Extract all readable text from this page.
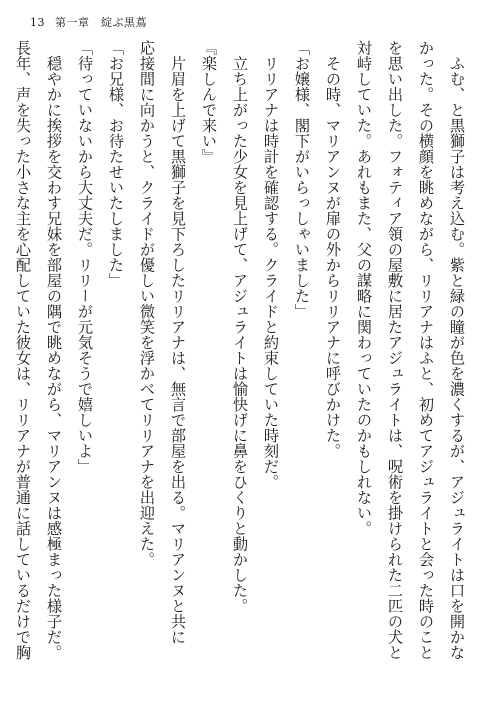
13 第一章　綻ぶ黒蔦
　ふむ、と黒獅子は考え込む。紫と緑の瞳が色を濃くするが、アジュライトは口を開かな
かった。その横顔を眺めながら、リリアナはふと、初めてアジュライトと会った時のこと
を思い出した。フォティア領の屋敷に居たアジュライトは、呪術を掛けられた二匹の犬と
対峙していた。あれもまた、父の謀略に関わっていたのかもしれない。
　その時、マリアンヌが扉の外からリリアナに呼びかけた。
「お嬢様、閣下がいらっしゃいました」
　リリアナは時計を確認する。クライドと約束していた時刻だ。
　立ち上がった少女を見上げて、アジュライトは愉快げに鼻をひくりと動かした。
『楽しんで来い』
　片眉を上げて黒獅子を見下ろしたリリアナは、無言で部屋を出る。マリアンヌと共に
応接間に向かうと、クライドが優しい微笑を浮かべてリリアナを出迎えた。
「お兄様、お待たせいたしました」
「待っていないから大丈夫だ。リリーが元気そうで嬉しいよ」
　穏やかに挨拶を交わす兄妹を部屋の隅で眺めながら、マリアンヌは感極まった様子だ。
長年、声を失った小さな主を心配していた彼女は、リリアナが普通に話しているだけで胸
